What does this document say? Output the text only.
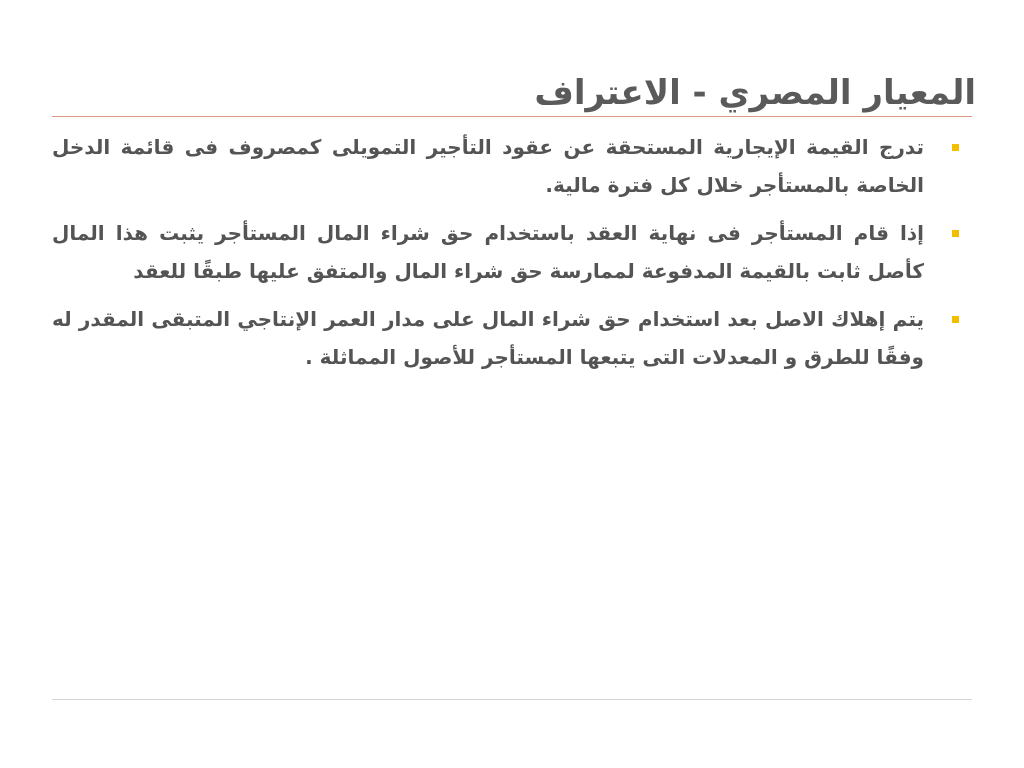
المعيار المصري - الاعتراف
تدرج القيمة الإيجارية المستحقة عن عقود التأجير التمويلى كمصروف فى قائمة الدخل الخاصة بالمستأجر خلال كل فترة مالية.
إذا قام المستأجر فى نهاية العقد باستخدام حق شراء المال المستأجر يثبت هذا المال كأصل ثابت بالقيمة المدفوعة لممارسة حق شراء المال والمتفق عليها طبقًا للعقد
يتم إهلاك الاصل بعد استخدام حق شراء المال على مدار العمر الإنتاجي المتبقى المقدر له وفقًا للطرق و المعدلات التى يتبعها المستأجر للأصول المماثلة .
